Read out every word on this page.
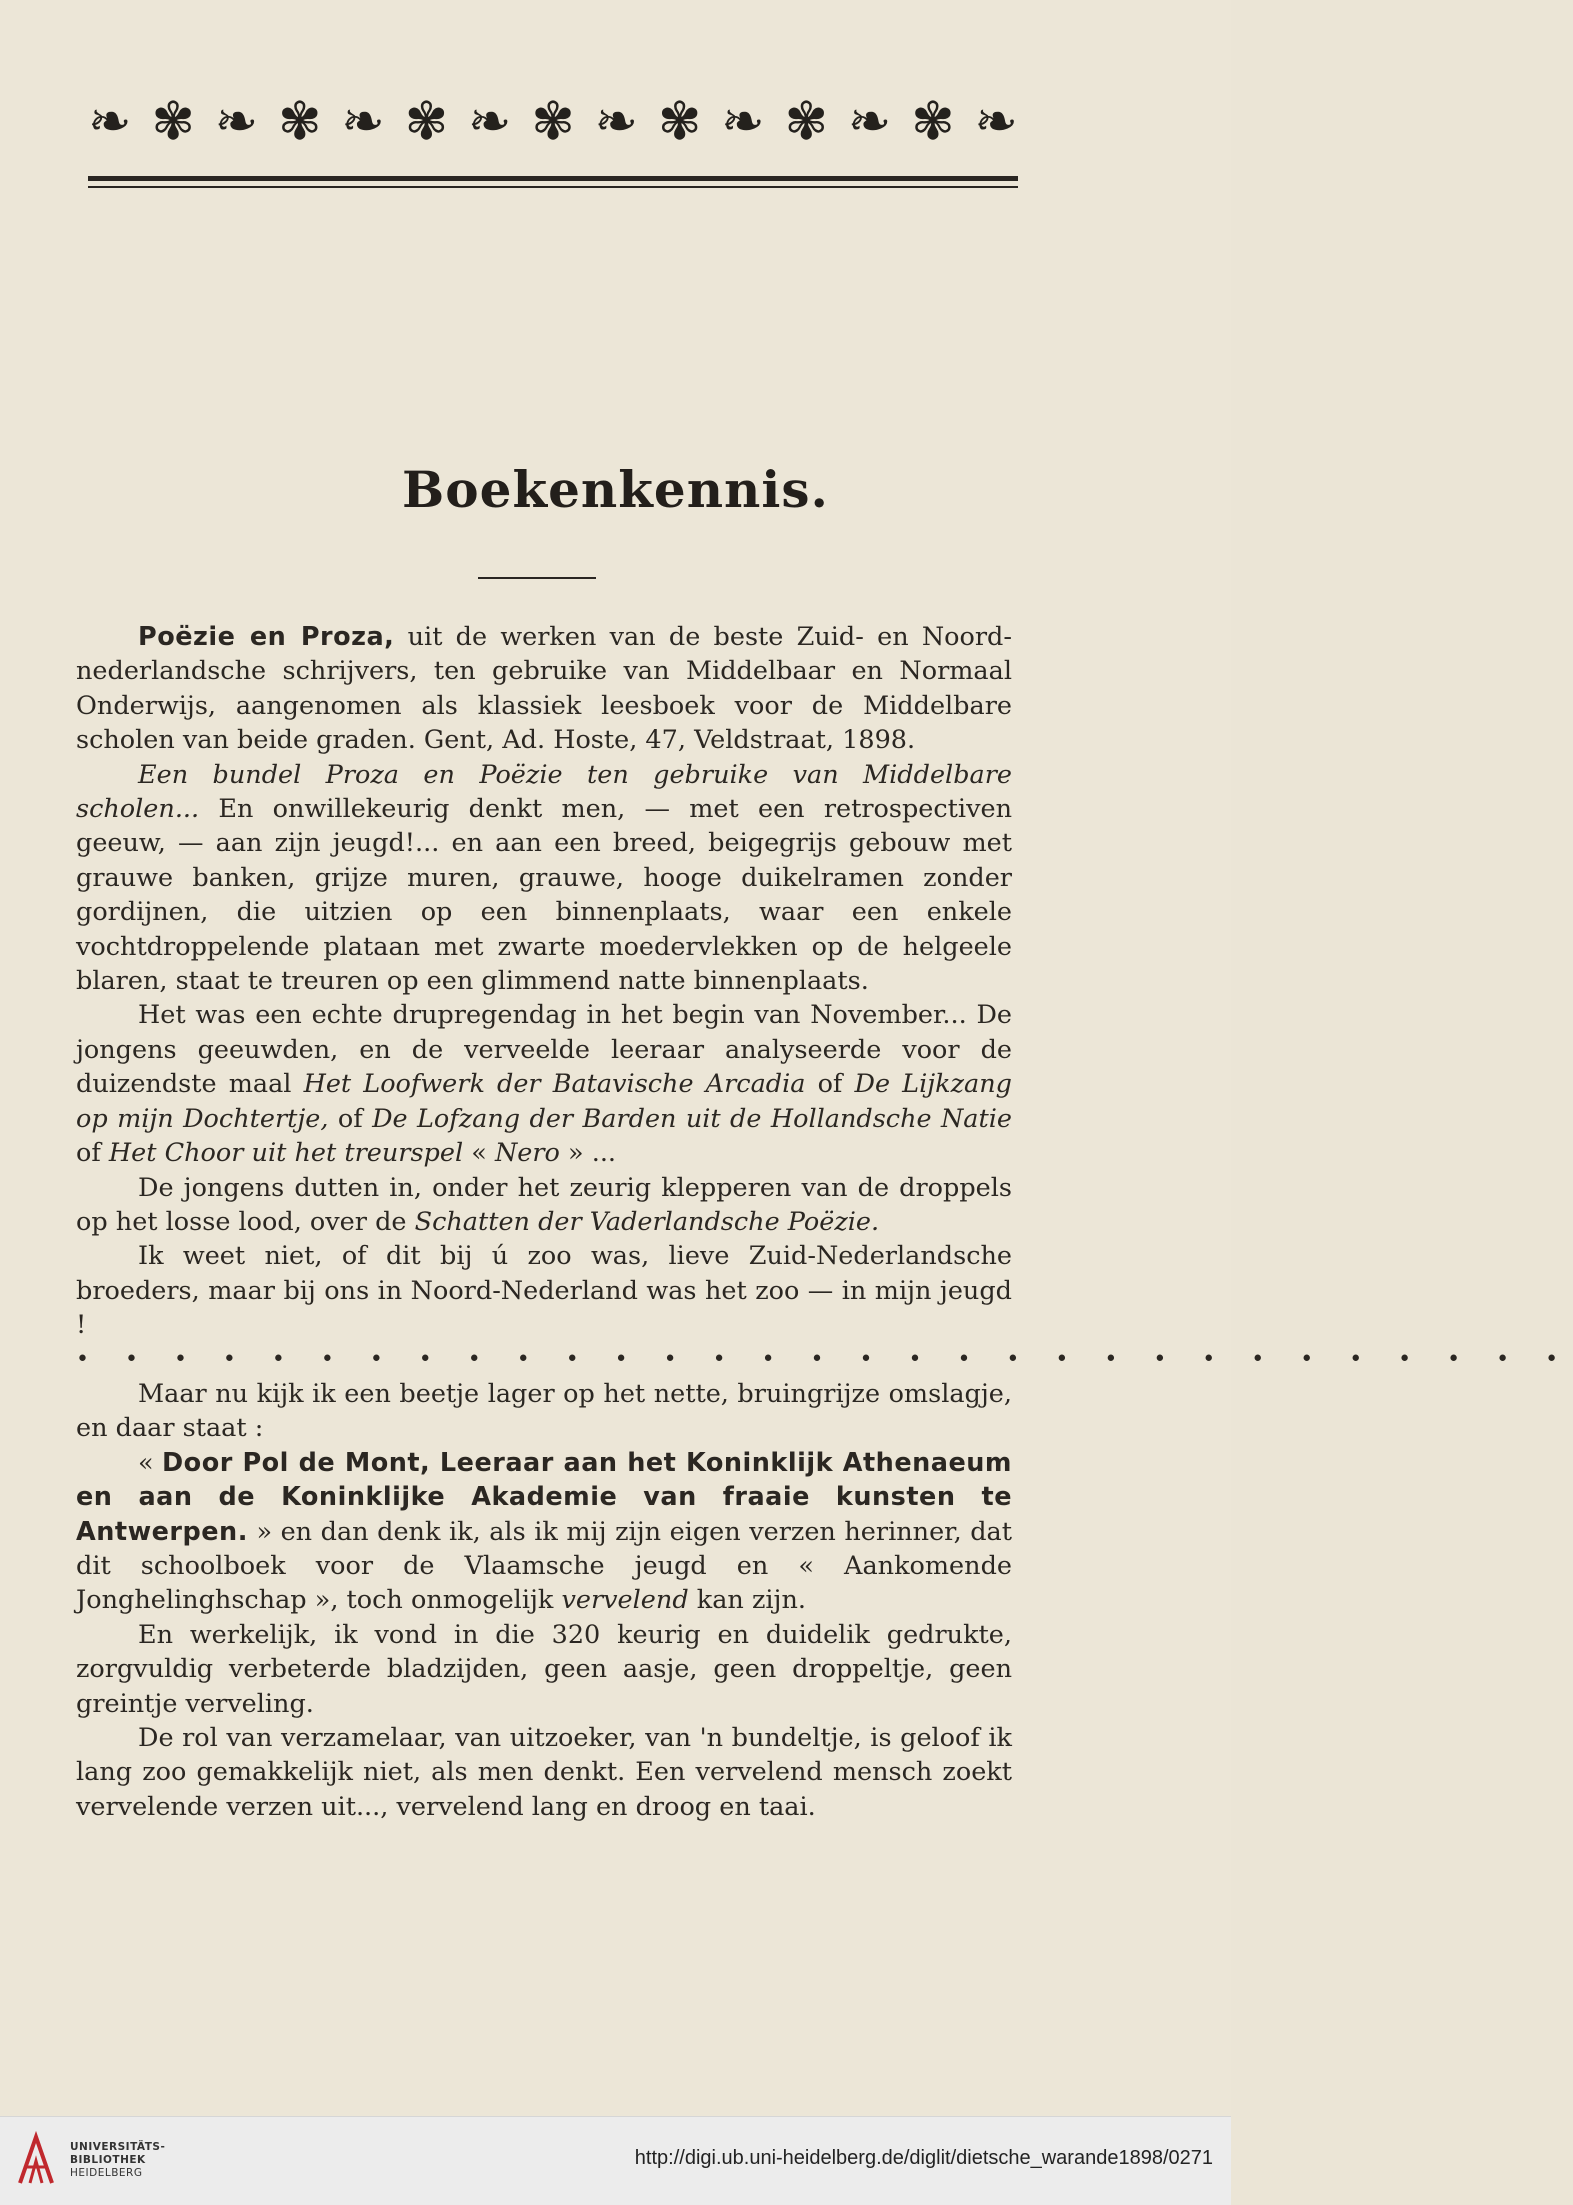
❧ ✾ ❧ ✾ ❧ ✾ ❧ ✾ ❧ ✾ ❧ ✾ ❧ ✾ ❧
Boekenkennis.

Poëzie en Proza, uit de werken van de beste Zuid- en Noord-nederlandsche schrijvers, ten gebruike van Middelbaar en Normaal Onderwijs, aangenomen als klassiek leesboek voor de Middelbare scholen van beide graden. Gent, Ad. Hoste, 47, Veldstraat, 1898.

Een bundel Proza en Poëzie ten gebruike van Middelbare scholen... En onwillekeurig denkt men, — met een retrospectiven geeuw, — aan zijn jeugd!... en aan een breed, beigegrijs gebouw met grauwe banken, grijze muren, grauwe, hooge duikelramen zonder gordijnen, die uitzien op een binnenplaats, waar een enkele vochtdroppelende plataan met zwarte moedervlekken op de helgeele blaren, staat te treuren op een glimmend natte binnenplaats.

Het was een echte drupregendag in het begin van November... De jongens geeuwden, en de verveelde leeraar analyseerde voor de duizendste maal Het Loofwerk der Batavische Arcadia of De Lijkzang op mijn Dochtertje, of De Lofzang der Barden uit de Hollandsche Natie of Het Choor uit het treurspel « Nero » ...

De jongens dutten in, onder het zeurig klepperen van de droppels op het losse lood, over de Schatten der Vaderlandsche Poëzie.

Ik weet niet, of dit bij ú zoo was, lieve Zuid-Nederlandsche broeders, maar bij ons in Noord-Nederland was het zoo — in mijn jeugd !

• • • • • • • • • • • • • • • • • • • • • • • • • • • • • • •

Maar nu kijk ik een beetje lager op het nette, bruingrijze omslagje, en daar staat :

« Door Pol de Mont, Leeraar aan het Koninklijk Athenaeum en aan de Koninklijke Akademie van fraaie kunsten te Antwerpen. » en dan denk ik, als ik mij zijn eigen verzen herinner, dat dit schoolboek voor de Vlaamsche jeugd en « Aankomende Jonghelinghschap », toch onmogelijk vervelend kan zijn.

En werkelijk, ik vond in die 320 keurig en duidelik gedrukte, zorgvuldig verbeterde bladzijden, geen aasje, geen droppeltje, geen greintje verveling.

De rol van verzamelaar, van uitzoeker, van 'n bundeltje, is geloof ik lang zoo gemakkelijk niet, als men denkt. Een vervelend mensch zoekt vervelende verzen uit..., vervelend lang en droog en taai.

UNIVERSITÄTS-
BIBLIOTHEK
HEIDELBERG
http://digi.ub.uni-heidelberg.de/diglit/dietsche_warande1898/0271
